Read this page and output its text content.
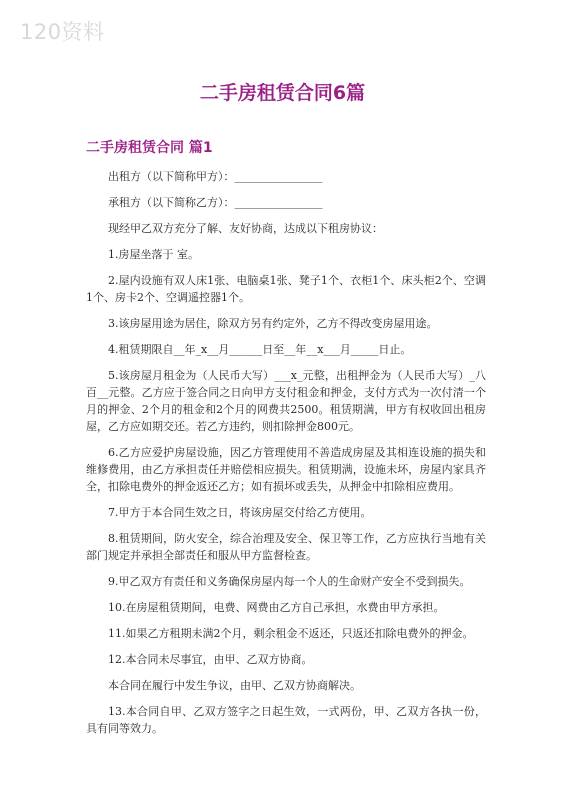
120资料
二手房租赁合同6篇
二手房租赁合同 篇1

出租方（以下简称甲方）：________________

承租方（以下简称乙方）：________________

现经甲乙双方充分了解、友好协商，达成以下租房协议：

1.房屋坐落于 室。

2.屋内设施有双人床1张、电脑桌1张、凳子1个、衣柜1个、床头柜2个、空调1个、房卡2个、空调遥控器1个。

3.该房屋用途为居住，除双方另有约定外，乙方不得改变房屋用途。

4.租赁期限自__年_x__月______日至__年__x___月_____日止。

5.该房屋月租金为（人民币大写）___x_元整，出租押金为（人民币大写）_八百__元整。乙方应于签合同之日向甲方支付租金和押金，支付方式为一次付清一个月的押金、2个月的租金和2个月的网费共2500。租赁期满，甲方有权收回出租房屋，乙方应如期交还。若乙方违约，则扣除押金800元。

6.乙方应爱护房屋设施，因乙方管理使用不善造成房屋及其相连设施的损失和维修费用，由乙方承担责任并赔偿相应损失。租赁期满，设施未坏，房屋内家具齐全，扣除电费外的押金返还乙方；如有损坏或丢失，从押金中扣除相应费用。

7.甲方于本合同生效之日，将该房屋交付给乙方使用。

8.租赁期间，防火安全，综合治理及安全、保卫等工作，乙方应执行当地有关部门规定并承担全部责任和服从甲方监督检查。

9.甲乙双方有责任和义务确保房屋内每一个人的生命财产安全不受到损失。

10.在房屋租赁期间，电费、网费由乙方自己承担，水费由甲方承担。

11.如果乙方租期未满2个月，剩余租金不返还，只返还扣除电费外的押金。

12.本合同未尽事宜，由甲、乙双方协商。

本合同在履行中发生争议，由甲、乙双方协商解决。

13.本合同自甲、乙双方签字之日起生效，一式两份，甲、乙双方各执一份，具有同等效力。
